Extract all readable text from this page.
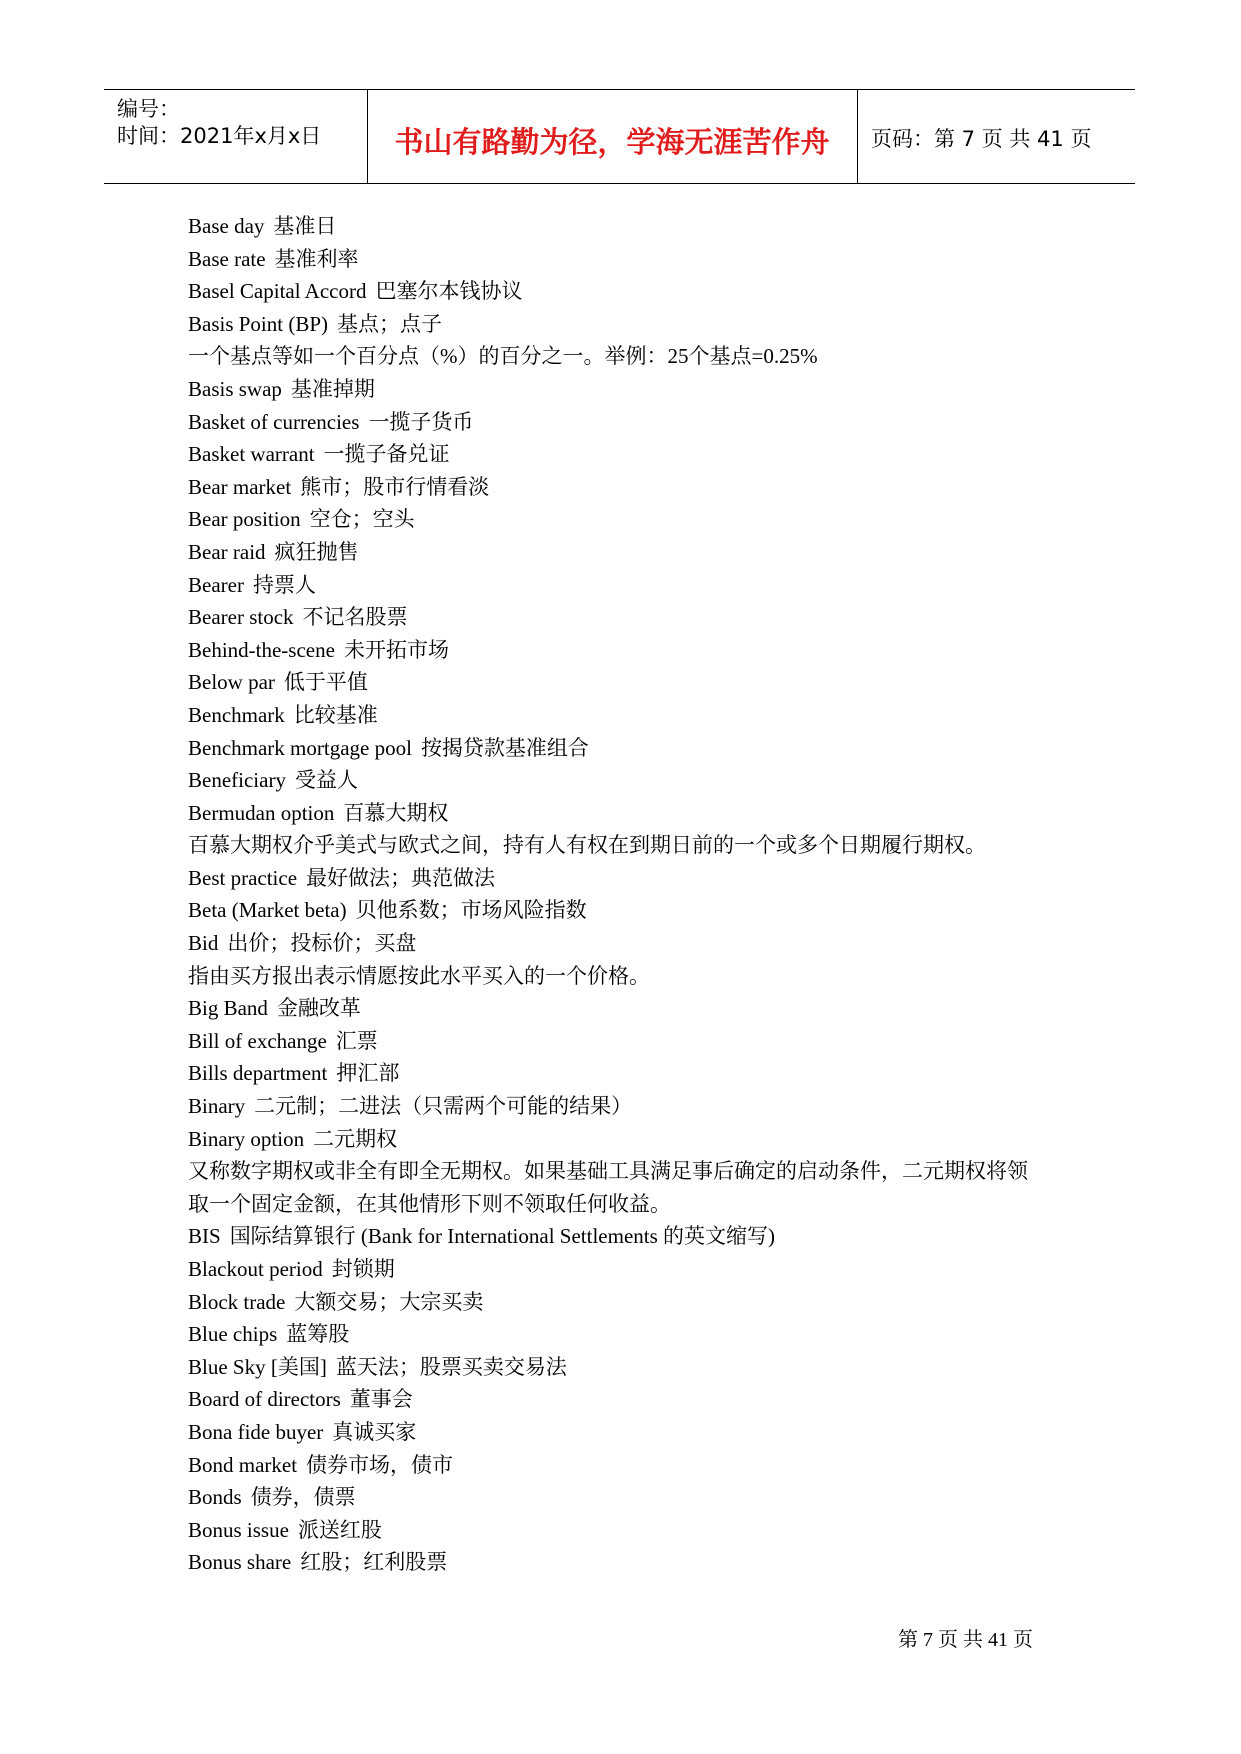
编号：
时间：2021年x月x日	书山有路勤为径，学海无涯苦作舟	页码：第 7 页 共 41 页
Base day 基准日
Base rate 基准利率
Basel Capital Accord 巴塞尔本钱协议
Basis Point (BP) 基点；点子
一个基点等如一个百分点（%）的百分之一。举例：25个基点=0.25%
Basis swap 基准掉期
Basket of currencies 一揽子货币
Basket warrant 一揽子备兑证
Bear market 熊市；股市行情看淡
Bear position 空仓；空头
Bear raid 疯狂抛售
Bearer 持票人
Bearer stock 不记名股票
Behind-the-scene 未开拓市场
Below par 低于平值
Benchmark 比较基准
Benchmark mortgage pool 按揭贷款基准组合
Beneficiary 受益人
Bermudan option 百慕大期权
百慕大期权介乎美式与欧式之间，持有人有权在到期日前的一个或多个日期履行期权。
Best practice 最好做法；典范做法
Beta (Market beta) 贝他系数；市场风险指数
Bid 出价；投标价；买盘
指由买方报出表示情愿按此水平买入的一个价格。
Big Band 金融改革
Bill of exchange 汇票
Bills department 押汇部
Binary 二元制；二进法（只需两个可能的结果）
Binary option 二元期权
又称数字期权或非全有即全无期权。如果基础工具满足事后确定的启动条件，二元期权将领
取一个固定金额，在其他情形下则不领取任何收益。
BIS 国际结算银行 (Bank for International Settlements 的英文缩写)
Blackout period 封锁期
Block trade 大额交易；大宗买卖
Blue chips 蓝筹股
Blue Sky [美国] 蓝天法；股票买卖交易法
Board of directors 董事会
Bona fide buyer 真诚买家
Bond market 债券市场，债市
Bonds 债券，债票
Bonus issue 派送红股
Bonus share 红股；红利股票
第 7 页 共 41 页
